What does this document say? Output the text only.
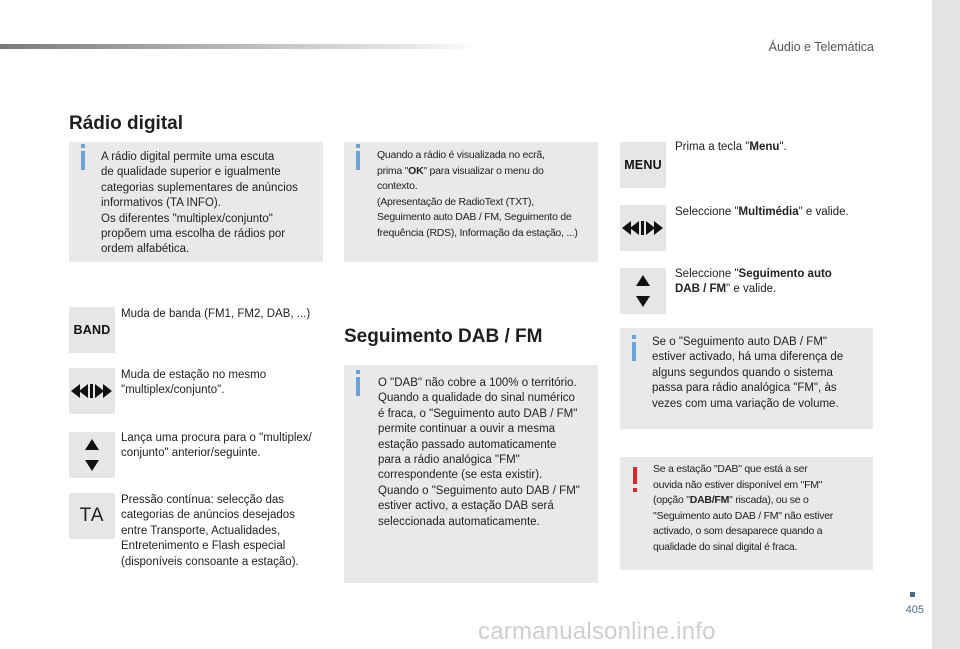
Áudio e Telemática
405
carmanualsonline.info
Rádio digital
A rádio digital permite uma escuta
de qualidade superior e igualmente
categorias suplementares de anúncios
informativos (TA INFO).
Os diferentes "multiplex/conjunto"
propõem uma escolha de rádios por
ordem alfabética.
Quando a rádio é visualizada no ecrã,
prima "OK" para visualizar o menu do
contexto.
(Apresentação de RadioText (TXT),
Seguimento auto DAB / FM, Seguimento de
frequência (RDS), Informação da estação, ...)
BAND
Muda de banda (FM1, FM2, DAB, ...)
Muda de estação no mesmo
"multiplex/conjunto".
Lança uma procura para o "multiplex/
conjunto" anterior/seguinte.
TA
Pressão contínua: selecção das
categorias de anúncios desejados
entre Transporte, Actualidades,
Entretenimento e Flash especial
(disponíveis consoante a estação).
Seguimento DAB / FM
O "DAB" não cobre a 100% o território.
Quando a qualidade do sinal numérico
é fraca, o "Seguimento auto DAB / FM"
permite continuar a ouvir a mesma
estação passado automaticamente
para a rádio analógica "FM"
correspondente (se esta existir).
Quando o "Seguimento auto DAB / FM"
estiver activo, a estação DAB será
seleccionada automaticamente.
MENU
Prima a tecla "Menu".
Seleccione "Multimédia" e valide.
Seleccione "Seguimento auto
DAB / FM" e valide.
Se o "Seguimento auto DAB / FM"
estiver activado, há uma diferença de
alguns segundos quando o sistema
passa para rádio analógica "FM", às
vezes com uma variação de volume.
Se a estação "DAB" que está a ser
ouvida não estiver disponível em "FM"
(opção "DAB/FM" riscada), ou se o
"Seguimento auto DAB / FM" não estiver
activado, o som desaparece quando a
qualidade do sinal digital é fraca.
